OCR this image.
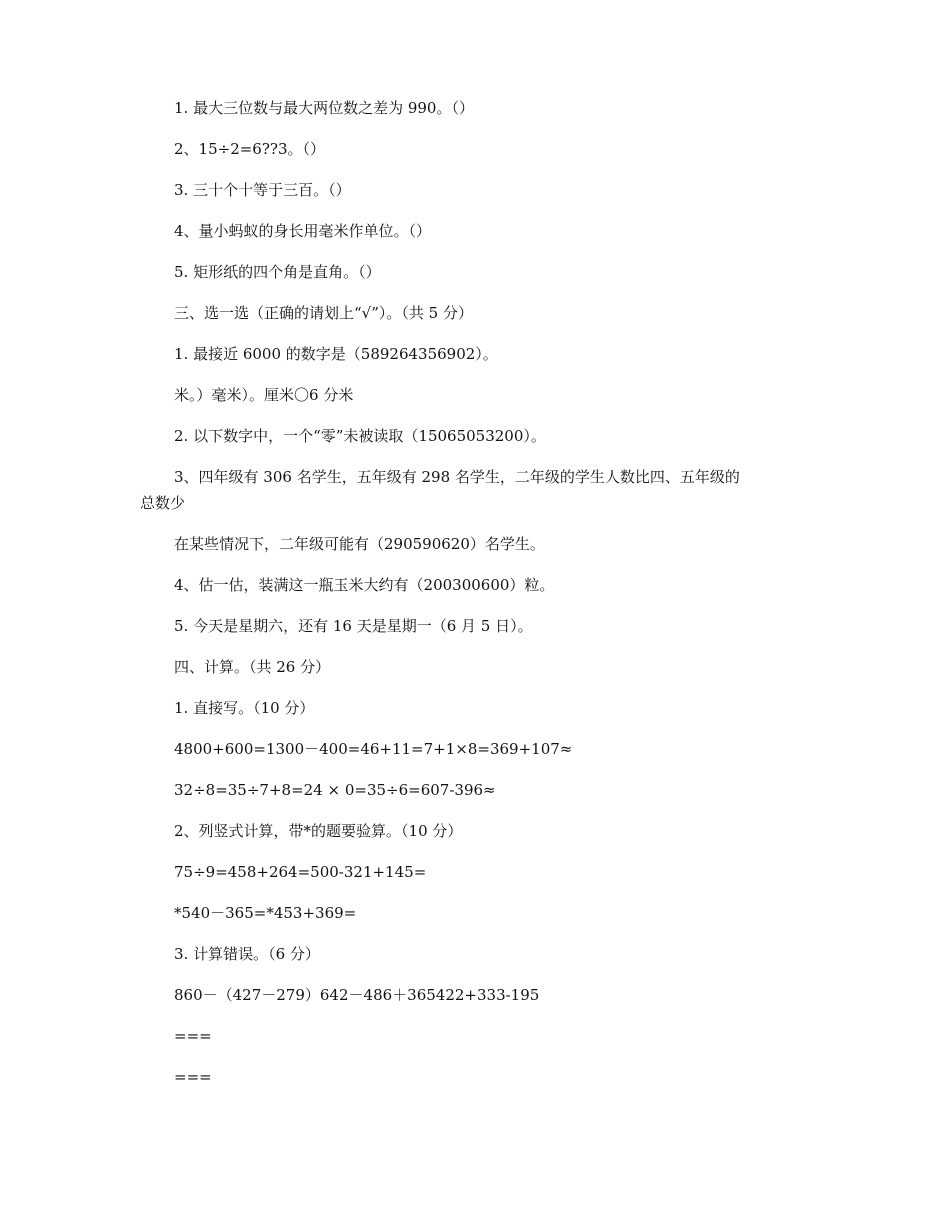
1. 最大三位数与最大两位数之差为 990。（）
2、15÷2=6??3。（）
3. 三十个十等于三百。（）
4、量小蚂蚁的身长用毫米作单位。（）
5. 矩形纸的四个角是直角。（）
三、选一选（正确的请划上“√”）。（共 5 分）
1. 最接近 6000 的数字是（589264356902）。
米。）毫米）。厘米〇6 分米
2. 以下数字中，一个“零”未被读取（15065053200）。
3、四年级有 306 名学生，五年级有 298 名学生，二年级的学生人数比四、五年级的
总数少
在某些情况下，二年级可能有（290590620）名学生。
4、估一估，装满这一瓶玉米大约有（200300600）粒。
5. 今天是星期六，还有 16 天是星期一（6 月 5 日）。
四、计算。（共 26 分）
1. 直接写。（10 分）
4800+600=1300－400=46+11=7+1×8=369+107≈
32÷8=35÷7+8=24 × 0=35÷6=607-396≈
2、列竖式计算，带*的题要验算。（10 分）
75÷9=458+264=500-321+145=
*540－365=*453+369=
3. 计算错误。（6 分）
860－（427－279）642－486＋365422+333-195
===
===
